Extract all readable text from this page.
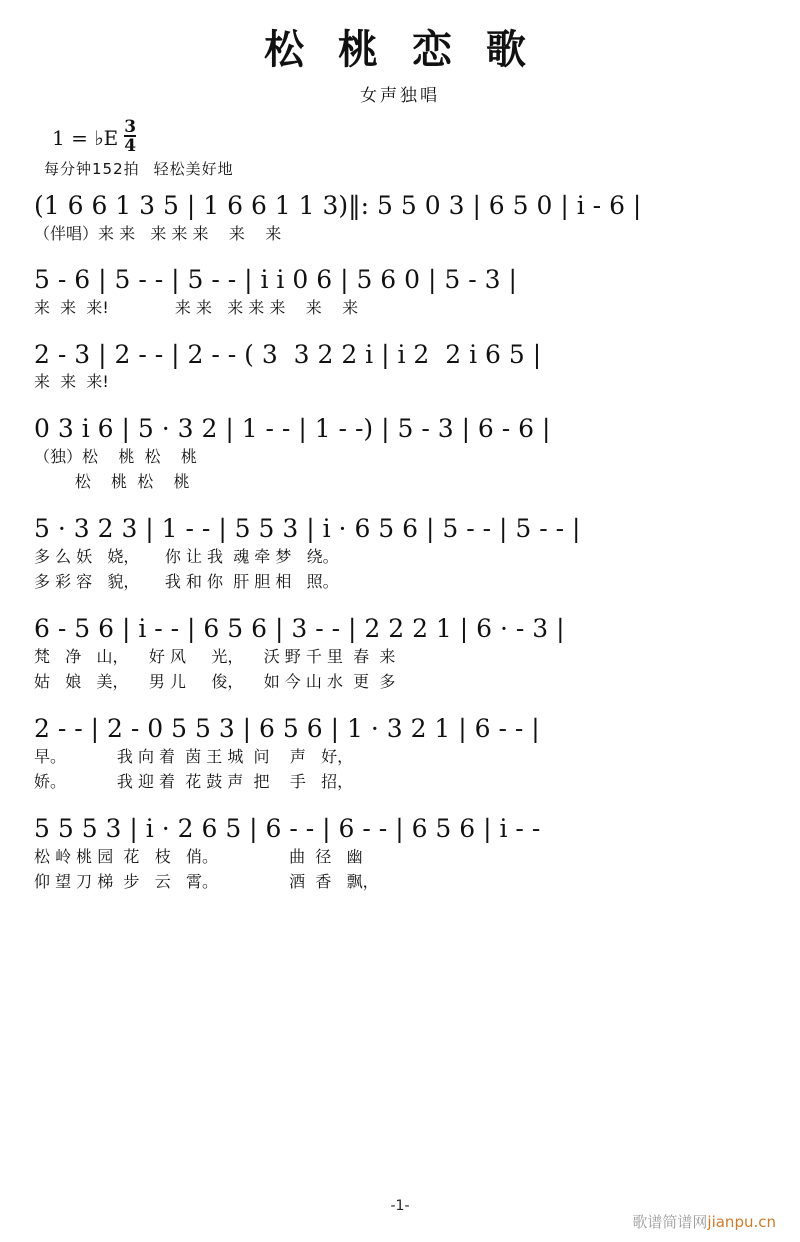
松 桃 恋 歌
女声独唱
1 = ♭E $\frac{3}{4}$
每分钟152拍 轻松美好地
(1 6 6 1 3 5 | 1 6 6 1 1 3)‖: 5 5 0 3 | 6 5 0 | i - 6 |
（伴唱）来 来   来 来 来    来    来
5 - 6 | 5 - - | 5 - - | i i 0 6 | 5 6 0 | 5 - 3 |
来  来  来!             来 来   来 来 来    来    来
2 - 3 | 2 - - | 2 - - ( 3  3 2 2 i | i 2  2 i 6 5 |
来  来  来!
0 3 i 6 | 5 · 3 2 | 1 - - | 1 - -) | 5 - 3 | 6 - 6 |
（独）松    桃  松    桃
松    桃  松    桃
5 · 3 2 3 | 1 - - | 5 5 3 | i · 6 5 6 | 5 - - | 5 - - |
多 么 妖   娆，     你 让 我  魂 牵 梦   绕。
多 彩 容   貌，     我 和 你  肝 胆 相   照。
6 - 5 6 | i - - | 6 5 6 | 3 - - | 2 2 2 1 | 6 · - 3 |
梵   净   山，    好 风     光，    沃 野 千 里  春  来
姑   娘   美，    男 儿     俊，    如 今 山 水  更  多
2 - - | 2 - 0 5 5 3 | 6 5 6 | 1 · 3 2 1 | 6 - - |
早。          我 向 着  茵 王 城  问    声   好，
娇。          我 迎 着  花 鼓 声  把    手   招，
5 5 5 3 | i · 2 6 5 | 6 - - | 6 - - | 6 5 6 | i - -
松 岭 桃 园  花   枝   俏。              曲  径   幽
仰 望 刀 梯  步   云   霄。              酒  香   飘，
-1-
歌谱简谱网jianpu.cn
